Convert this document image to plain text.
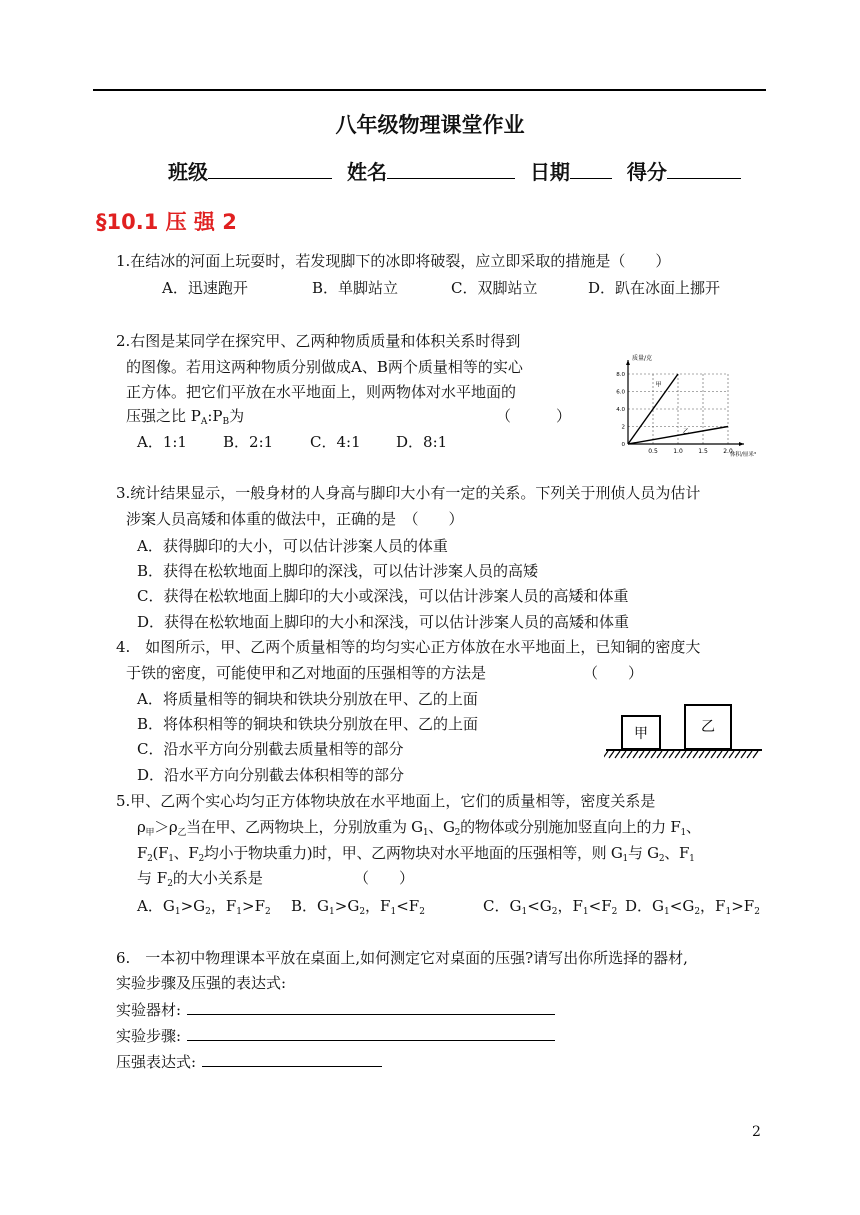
八年级物理课堂作业
班级	姓名	日期	得分
§10.1 压 强 2
1.在结冰的河面上玩耍时，若发现脚下的冰即将破裂，应立即采取的措施是（　　）
A．迅速跑开	B．单脚站立	C．双脚站立	D．趴在冰面上挪开
2.右图是某同学在探究甲、乙两种物质质量和体积关系时得到
的图像。若用这两种物质分别做成A、B两个质量相等的实心
正方体。把它们平放在水平地面上，则两物体对水平地面的
压强之比 $P_A:P_B$为	（　　　）
A．1:1 B．2:1 C．4:1 D．8:1
质量/克
体积/厘米³
0.5	1.0	1.5	2.0
0
2
4.0
6.0
8.0
甲
乙
3.统计结果显示，一般身材的人身高与脚印大小有一定的关系。下列关于刑侦人员为估计
涉案人员高矮和体重的做法中，正确的是　（　　）
A．获得脚印的大小，可以估计涉案人员的体重
B．获得在松软地面上脚印的深浅，可以估计涉案人员的高矮
C．获得在松软地面上脚印的大小或深浅，可以估计涉案人员的高矮和体重
D．获得在松软地面上脚印的大小和深浅，可以估计涉案人员的高矮和体重
4.　如图所示，甲、乙两个质量相等的均匀实心正方体放在水平地面上，已知铜的密度大
于铁的密度，可能使甲和乙对地面的压强相等的方法是	（　　）
A．将质量相等的铜块和铁块分别放在甲、乙的上面
B．将体积相等的铜块和铁块分别放在甲、乙的上面
C．沿水平方向分别截去质量相等的部分
D．沿水平方向分别截去体积相等的部分
甲	乙
5.甲、乙两个实心均匀正方体物块放在水平地面上，它们的质量相等，密度关系是
$\rho_甲>\rho_乙$当在甲、乙两物块上，分别放重为 $G_1$、$G_2$的物体或分别施加竖直向上的力 $F_1$、
$F_2(F_1$、$F_2$均小于物块重力)时，甲、乙两物块对水平地面的压强相等，则 $G_1$与 $G_2$、$F_1$
与 $F_2$的大小关系是	（　　）
A．$G_1>G_2$，$F_1>F_2$ B．$G_1>G_2$，$F_1<F_2$	C．$G_1<G_2$，$F_1<F_2$ D．$G_1<G_2$，$F_1>F_2$
6.　一本初中物理课本平放在桌面上,如何测定它对桌面的压强?请写出你所选择的器材,
实验步骤及压强的表达式:
实验器材:
实验步骤:
压强表达式:
2
